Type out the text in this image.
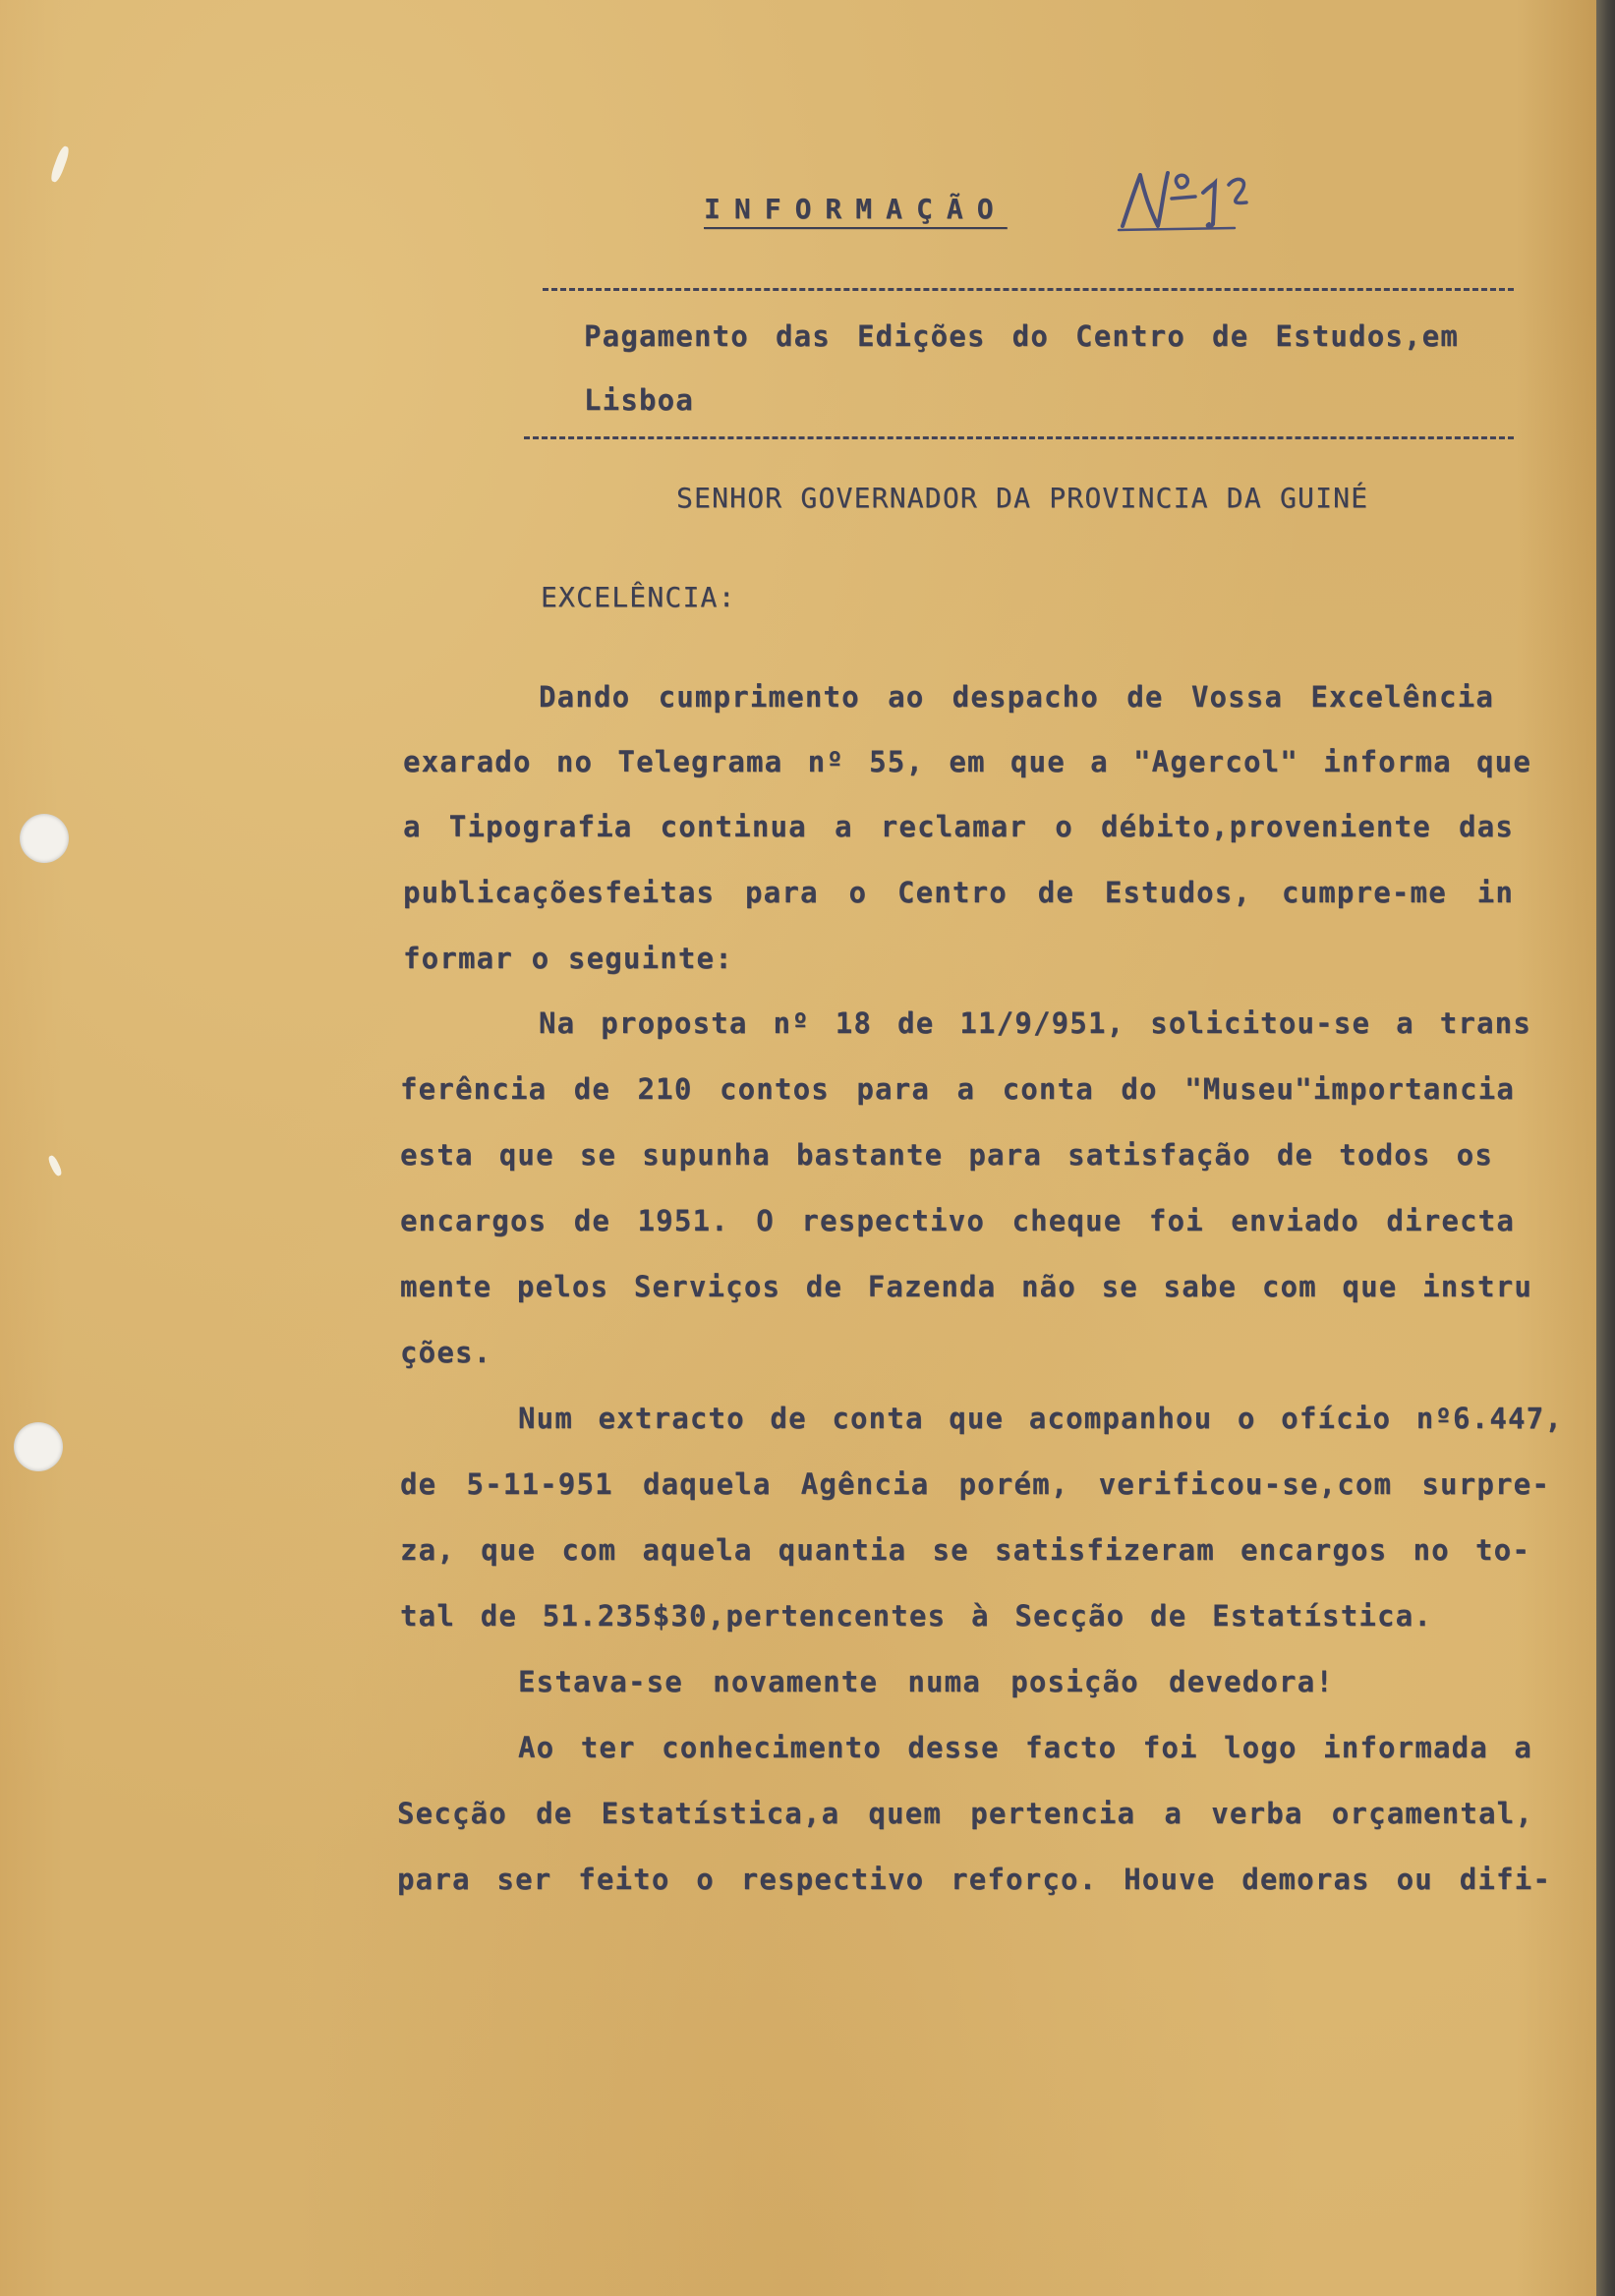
INFORMAÇÃO
Pagamento das Edições do Centro de Estudos,em
Lisboa
SENHOR GOVERNADOR DA PROVINCIA DA GUINÉ
EXCELÊNCIA:
Dando cumprimento ao despacho de Vossa Excelência
exarado no Telegrama nº 55, em que a "Agercol" informa que
a Tipografia continua a reclamar o débito,proveniente das
publicaçõesfeitas para o Centro de Estudos, cumpre-me in
formar o seguinte:
Na proposta nº 18 de 11/9/951, solicitou-se a trans
ferência de 210 contos para a conta do "Museu"importancia
esta que se supunha bastante para satisfação de todos os
encargos de 1951. O respectivo cheque foi enviado directa
mente pelos Serviços de Fazenda não se sabe com que instru
ções.
Num extracto de conta que acompanhou o ofício nº6.447,
de 5-11-951 daquela Agência porém, verificou-se,com surpre-
za, que com aquela quantia se satisfizeram encargos no to-
tal de 51.235$30,pertencentes à Secção de Estatística.
Estava-se novamente numa posição devedora!
Ao ter conhecimento desse facto foi logo informada a
Secção de Estatística,a quem pertencia a verba orçamental,
para ser feito o respectivo reforço. Houve demoras ou difi-
